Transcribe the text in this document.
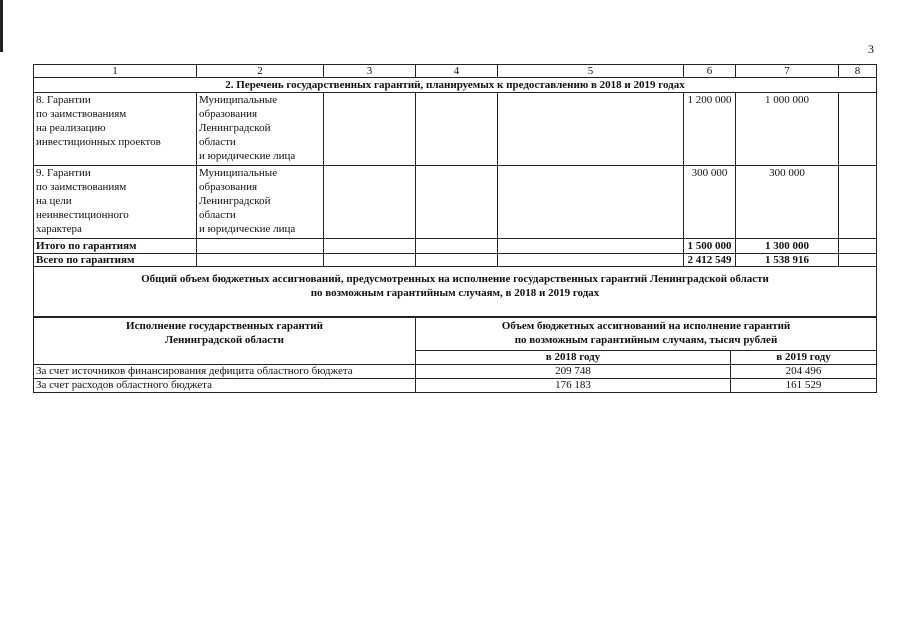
3
1	2	3	4	5	6	7	8
2. Перечень государственных гарантий, планируемых к предоставлению в 2018 и 2019 годах							

8. Гарантии
по заимствованиям
на реализацию
инвестиционных проектов	Муниципальные
образования
Ленинградской
области
и юридические лица				1 200 000	1 000 000	

9. Гарантии
по заимствованиям
на цели
неинвестиционного
характера	Муниципальные
образования
Ленинградской
области
и юридические лица				300 000	300 000	
Итого по гарантиям					1 500 000	1 300 000	
Всего по гарантиям					2 412 549	1 538 916	

Общий объем бюджетных ассигнований, предусмотренных на исполнение государственных гарантий Ленинградской области
по возможным гарантийным случаям, в 2018 и 2019 годах							
Исполнение государственных гарантий
Ленинградской области	Объем бюджетных ассигнований на исполнение гарантий
по возможным гарантийным случаям, тысяч рублей	

	в 2018 году	в 2019 году
За счет источников финансирования дефицита областного бюджета	209 748	204 496
За счет расходов областного бюджета	176 183	161 529
